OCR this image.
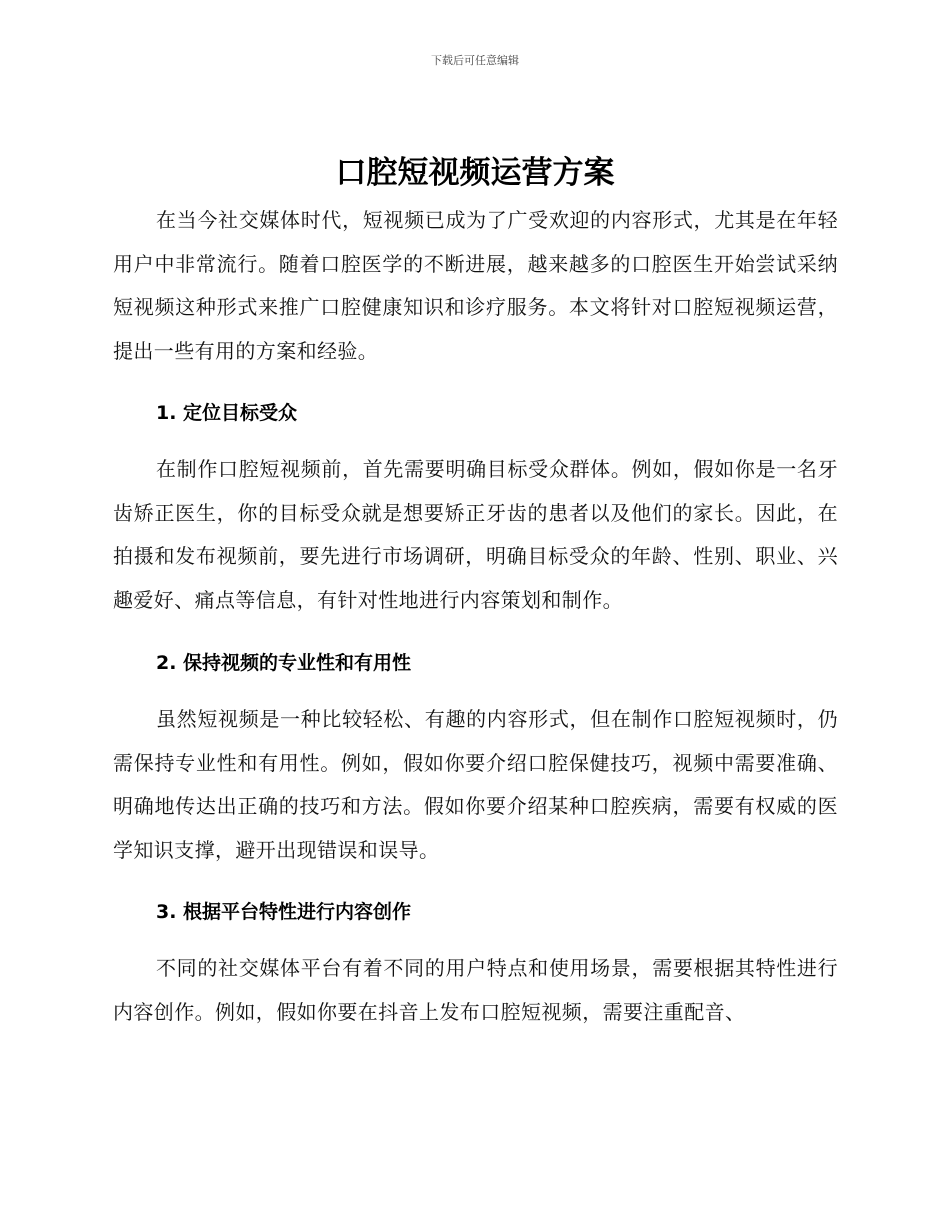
下载后可任意编辑
口腔短视频运营方案

在当今社交媒体时代，短视频已成为了广受欢迎的内容形式，尤其是在年轻用户中非常流行。随着口腔医学的不断进展，越来越多的口腔医生开始尝试采纳短视频这种形式来推广口腔健康知识和诊疗服务。本文将针对口腔短视频运营，提出一些有用的方案和经验。

1. 定位目标受众

在制作口腔短视频前，首先需要明确目标受众群体。例如，假如你是一名牙齿矫正医生，你的目标受众就是想要矫正牙齿的患者以及他们的家长。因此，在拍摄和发布视频前，要先进行市场调研，明确目标受众的年龄、性别、职业、兴趣爱好、痛点等信息，有针对性地进行内容策划和制作。

2. 保持视频的专业性和有用性

虽然短视频是一种比较轻松、有趣的内容形式，但在制作口腔短视频时，仍需保持专业性和有用性。例如，假如你要介绍口腔保健技巧，视频中需要准确、明确地传达出正确的技巧和方法。假如你要介绍某种口腔疾病，需要有权威的医学知识支撑，避开出现错误和误导。

3. 根据平台特性进行内容创作

不同的社交媒体平台有着不同的用户特点和使用场景，需要根据其特性进行内容创作。例如，假如你要在抖音上发布口腔短视频，需要注重配音、
